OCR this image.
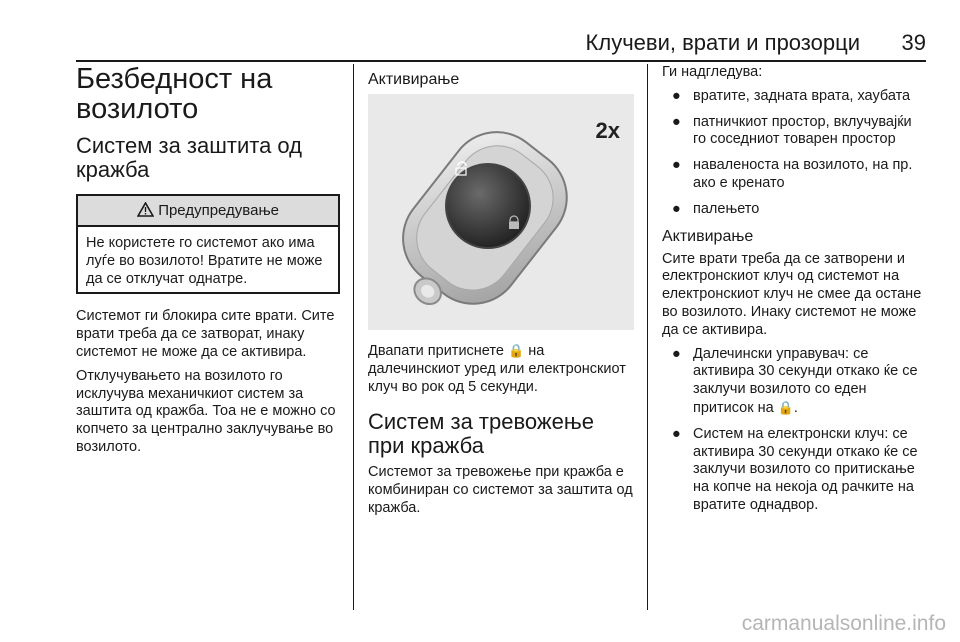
Клучеви, врати и прозорци	39
Безбедност на возилото
Систем за заштита од кражба
Предупредување
Не користете го системот ако има луѓе во возилото! Вратите не може да се отклучат однатре.

Системот ги блокира сите врати. Сите врати треба да се затворат, инаку системот не може да се активира.

Отклучувањето на возилото го исклучува механичкиот систем за заштита од кражба. Тоа не е можно со копчето за централно заклучување во возилото.

Активирање
2x

Двапати притиснете 🔒 на далечинскиот уред или електронскиот клуч во рок од 5 секунди.

Систем за тревожење при кражба

Системот за тревожење при кражба е комбиниран со системот за заштита од кражба.

Ги надгледува:

● вратите, задната врата, хаубата
● патничкиот простор, вклучувајќи го соседниот товарен простор
● наваленоста на возилото, на пр. ако е кренато
● палењето
Активирање

Сите врати треба да се затворени и електронскиот клуч од системот на електронскиот клуч не смее да остане во возилото. Инаку системот не може да се активира.

● Далечински управувач: се активира 30 секунди откако ќе се заклучи возилото со еден притисок на 🔒.
● Систем на електронски клуч: се активира 30 секунди откако ќе се заклучи возилото со притискање на копче на некоја од рачките на вратите однадвор.
carmanualsonline.info
